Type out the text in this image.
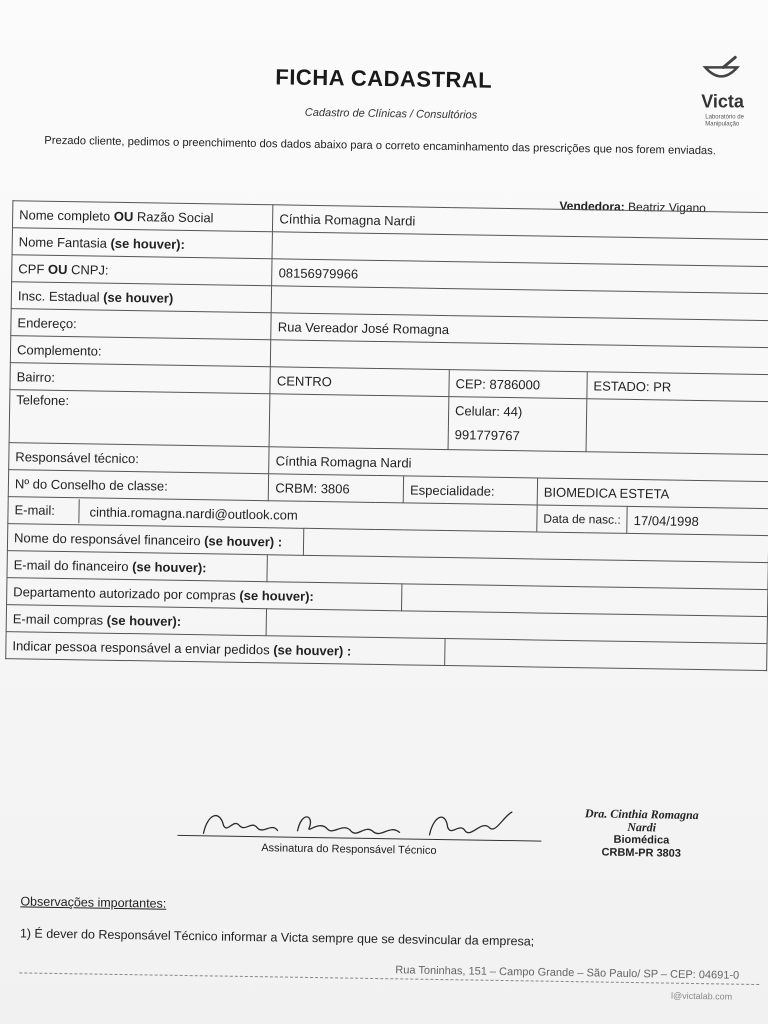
FICHA CADASTRAL
Cadastro de Clínicas / Consultórios
Victa
Laboratório de Manipulação
Prezado cliente, pedimos o preenchimento dos dados abaixo para o correto encaminhamento das prescrições que nos forem enviadas.
Vendedora: Beatriz Vigano
Nome completo OU Razão Social	Cínthia Romagna Nardi						
Nome Fantasia (se houver):							
CPF OU CNPJ:	08156979966						
Insc. Estadual (se houver)							
Endereço:	Rua Vereador José Romagna						
Complemento:							
Bairro:	CENTRO			CEP: 8786000		ESTADO: PR	
Telefone:				Celular: 44)
991779767			

Responsável técnico:	Cínthia Romagna Nardi						
Nº do Conselho de classe:	CRBM: 3806		Especialidade:		BIOMEDICA ESTETA		

E-mail: cinthia.romagna.nardi@outlook.com					Data de nasc.:		17/04/1998
Nome do responsável financeiro (se houver) :							
E-mail do financeiro (se houver):							
Departamento autorizado por compras (se houver):							
E-mail compras (se houver):							
Indicar pessoa responsável a enviar pedidos (se houver) :							
Assinatura do Responsável Técnico
Dra. Cinthia Romagna Nardi
Biomédica
CRBM-PR 3803
Observações importantes:
1) É dever do Responsável Técnico informar a Victa sempre que se desvincular da empresa;
Rua Toninhas, 151 – Campo Grande – São Paulo/ SP – CEP: 04691-0
l@victalab.com
